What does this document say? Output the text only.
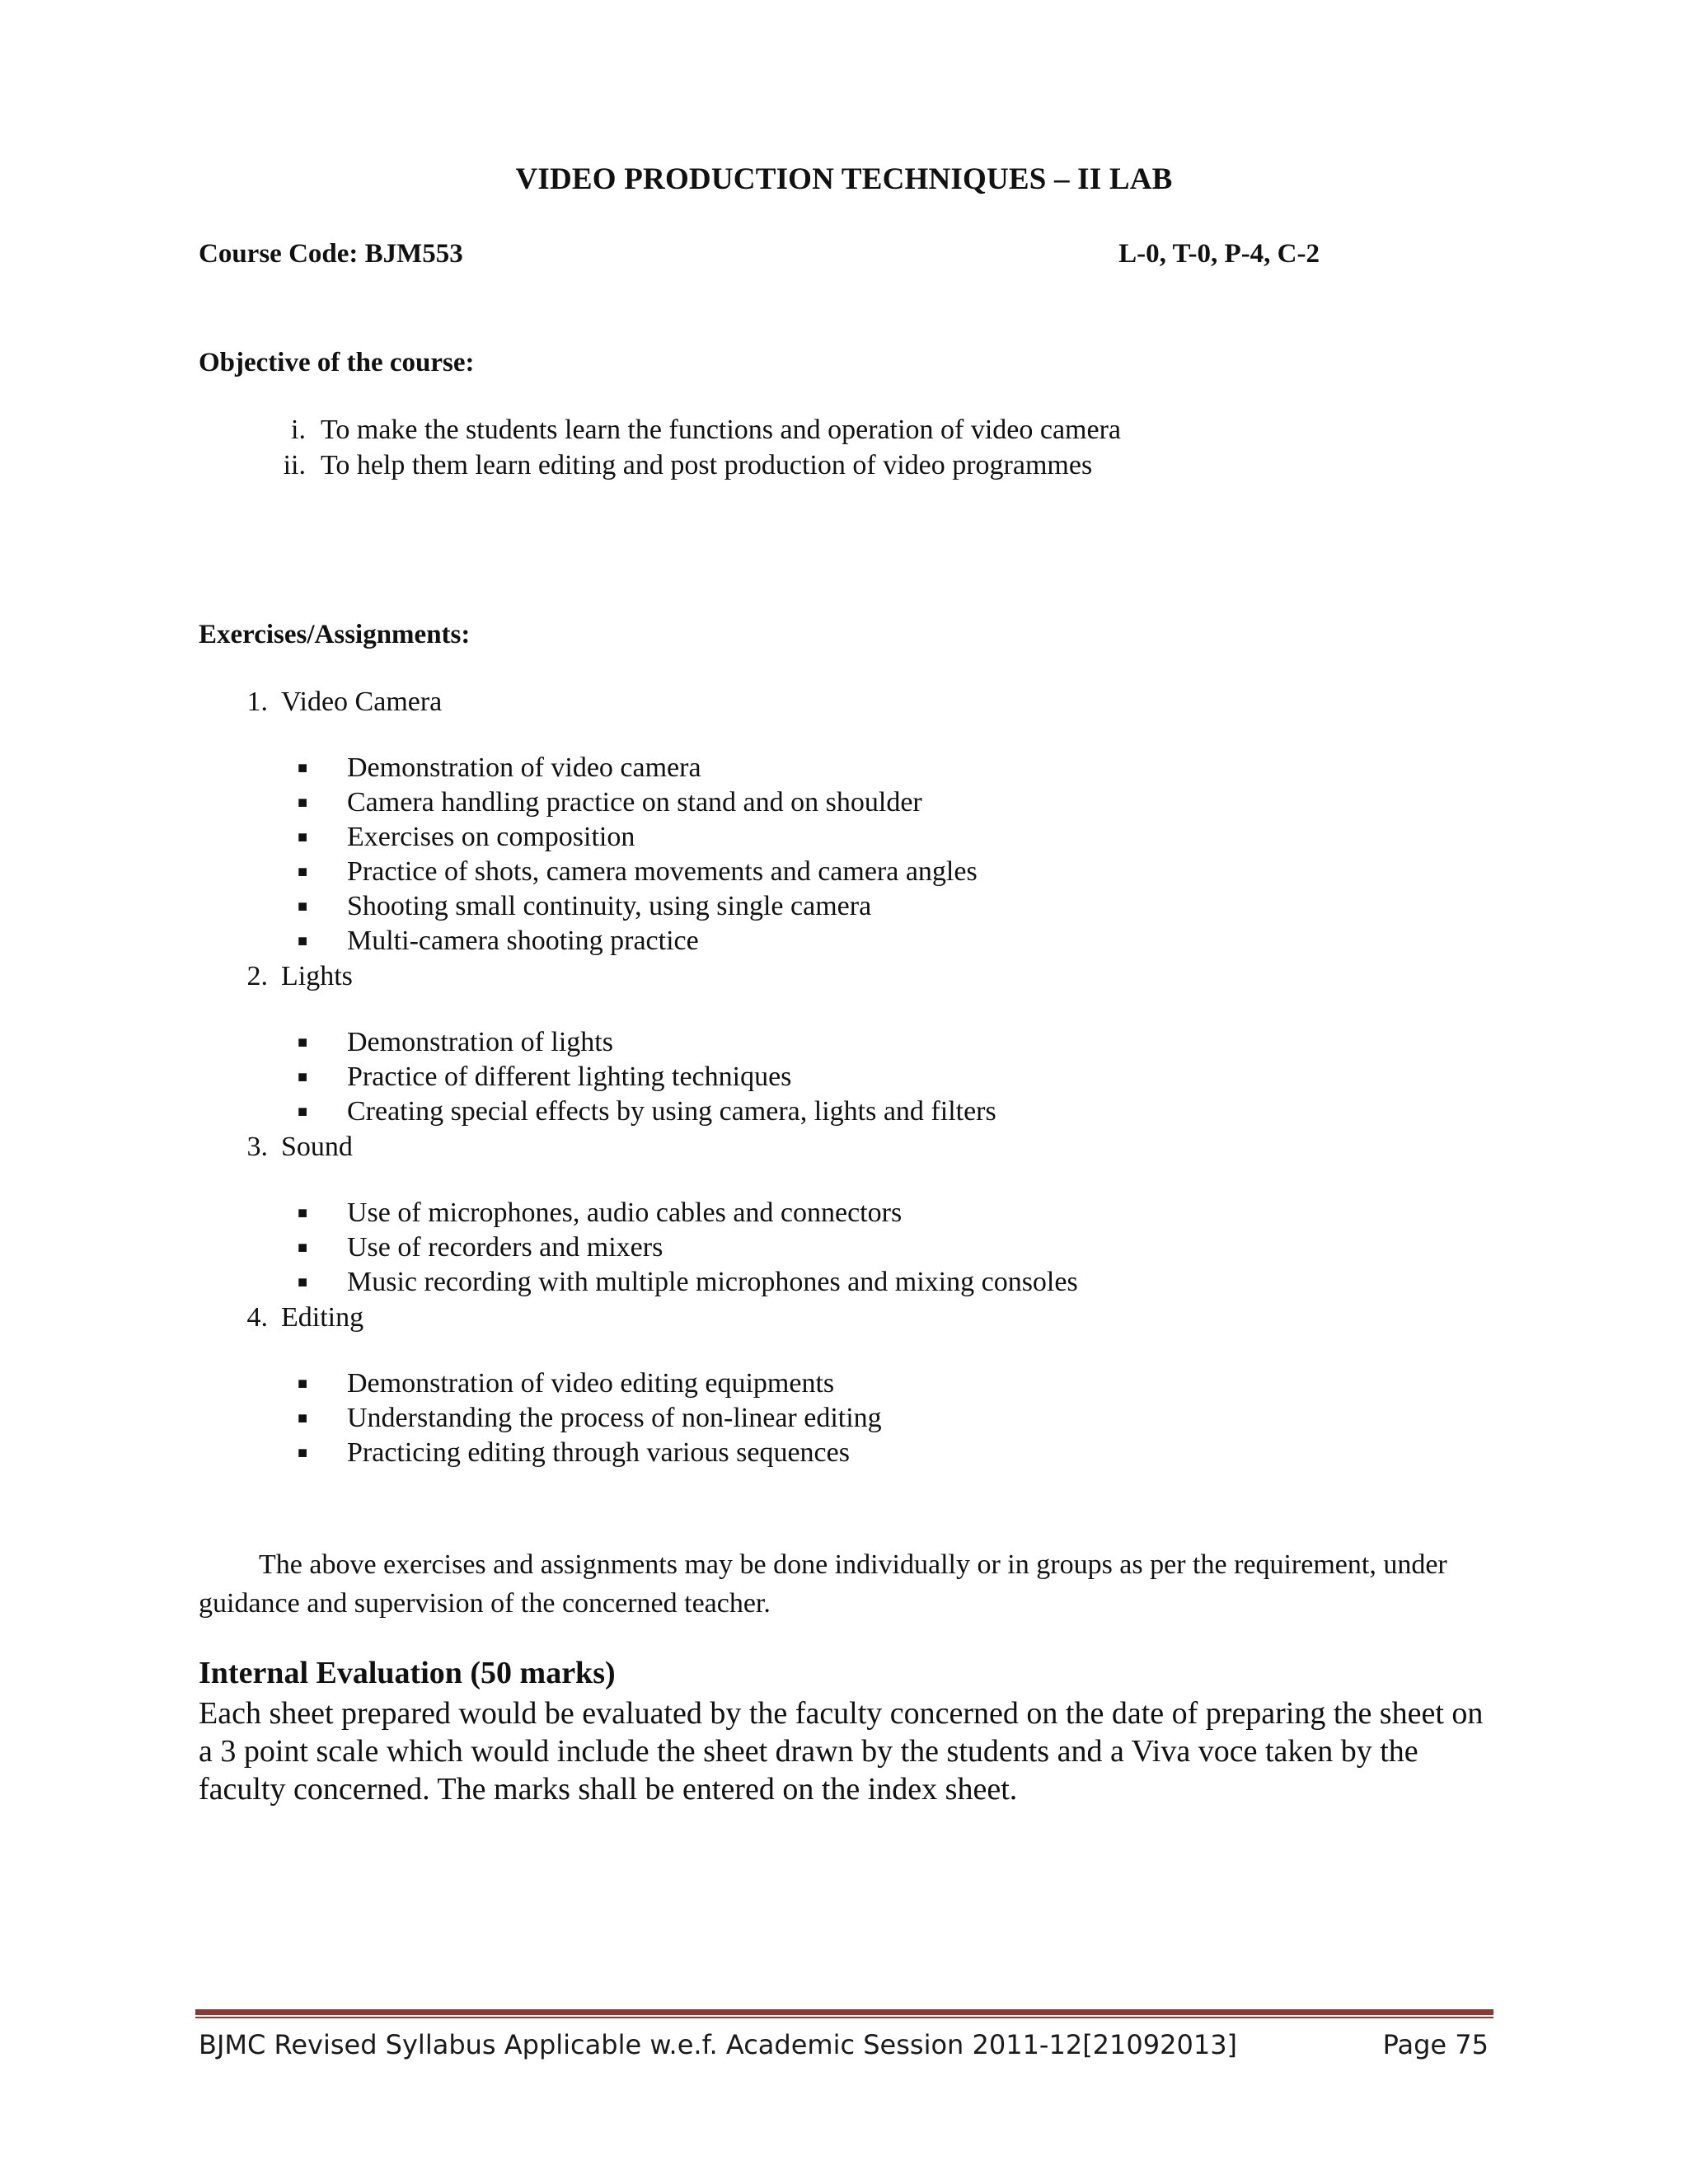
VIDEO PRODUCTION TECHNIQUES – II LAB
Course Code: BJM553	L-0, T-0, P-4, C-2
Objective of the course:
i. To make the students learn the functions and operation of video camera
ii. To help them learn editing and post production of video programmes
Exercises/Assignments:
1. Video Camera
■	Demonstration of video camera
■	Camera handling practice on stand and on shoulder
■	Exercises on composition
■	Practice of shots, camera movements and camera angles
■	Shooting small continuity, using single camera
■	Multi-camera shooting practice
2. Lights
■	Demonstration of lights
■	Practice of different lighting techniques
■	Creating special effects by using camera, lights and filters
3. Sound
■	Use of microphones, audio cables and connectors
■	Use of recorders and mixers
■	Music recording with multiple microphones and mixing consoles
4. Editing
■	Demonstration of video editing equipments
■	Understanding the process of non-linear editing
■	Practicing editing through various sequences
The above exercises and assignments may be done individually or in groups as per the requirement, under guidance and supervision of the concerned teacher.
Internal Evaluation (50 marks)
Each sheet prepared would be evaluated by the faculty concerned on the date of preparing the sheet on a 3 point scale which would include the sheet drawn by the students and a Viva voce taken by the faculty concerned. The marks shall be entered on the index sheet.
BJMC Revised Syllabus Applicable w.e.f. Academic Session 2011-12[21092013]	Page 75
